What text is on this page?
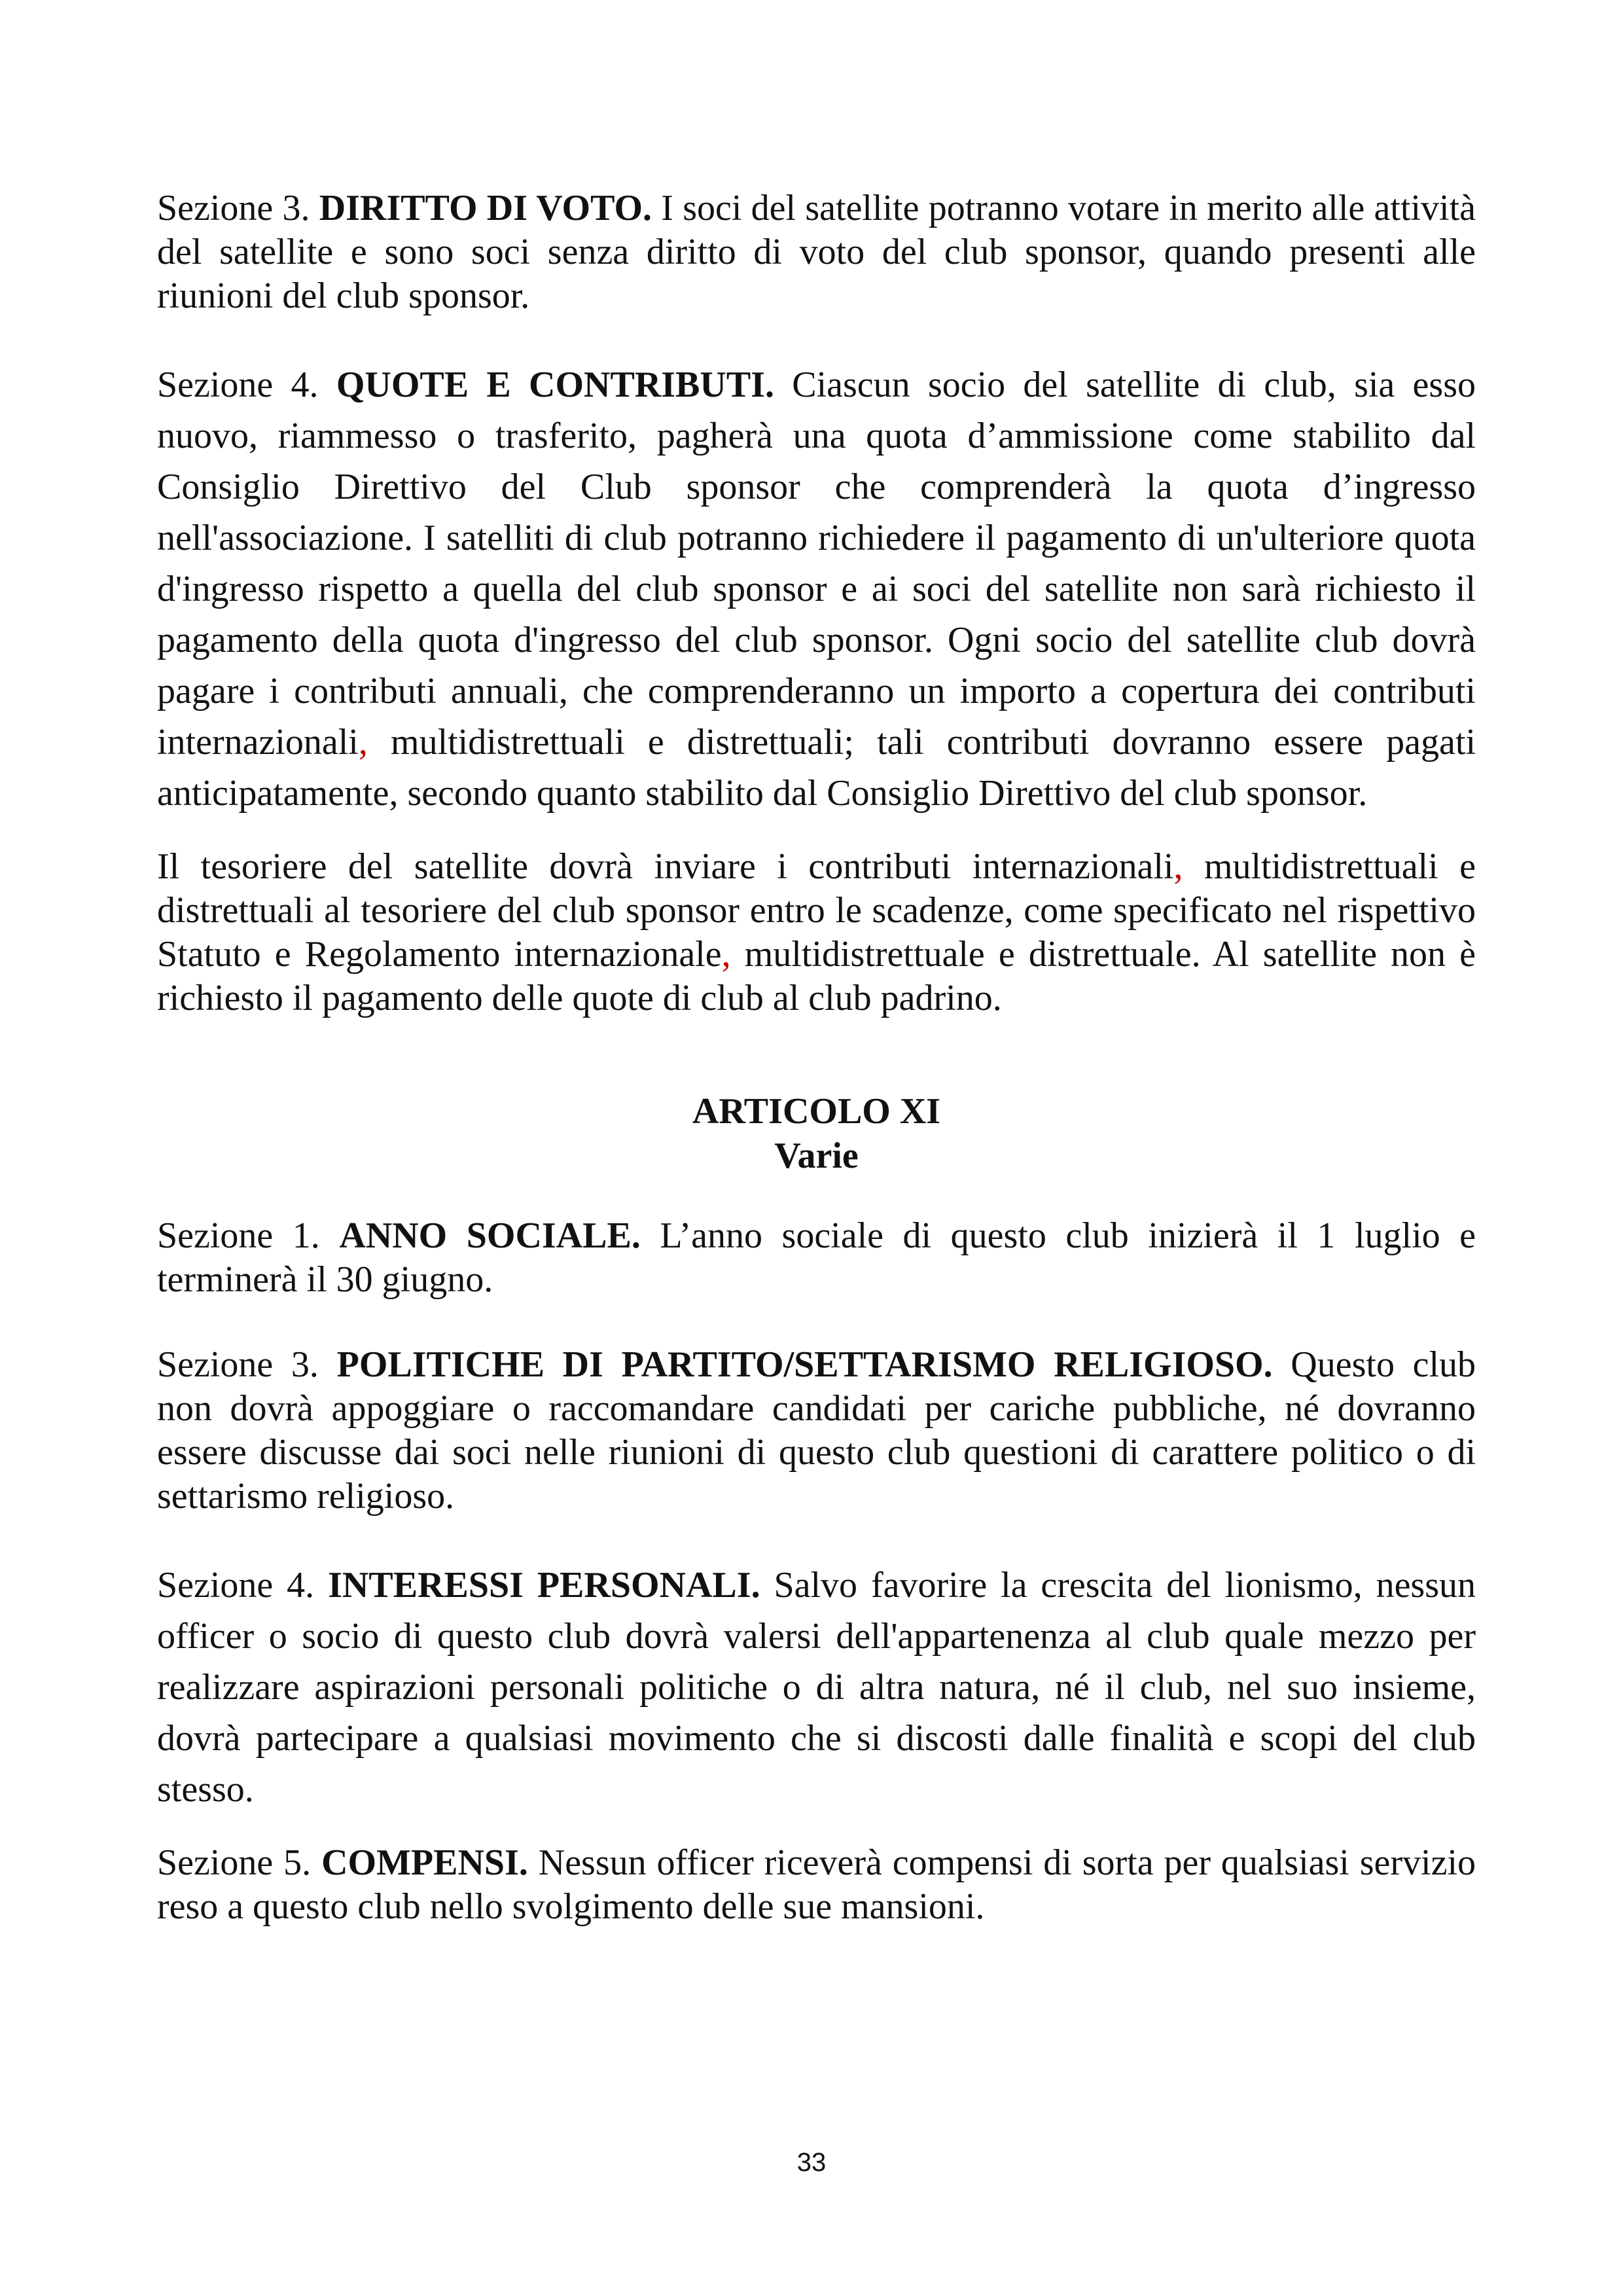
Sezione 3. DIRITTO DI VOTO. I soci del satellite potranno votare in merito alle attività del satellite e sono soci senza diritto di voto del club sponsor, quando presenti alle riunioni del club sponsor.

Sezione 4. QUOTE E CONTRIBUTI. Ciascun socio del satellite di club, sia esso nuovo, riammesso o trasferito, pagherà una quota d’ammissione come stabilito dal Consiglio Direttivo del Club sponsor che comprenderà la quota d’ingresso nell'associazione. I satelliti di club potranno richiedere il pagamento di un'ulteriore quota d'ingresso rispetto a quella del club sponsor e ai soci del satellite non sarà richiesto il pagamento della quota d'ingresso del club sponsor. Ogni socio del satellite club dovrà pagare i contributi annuali, che comprenderanno un importo a copertura dei contributi internazionali, multidistrettuali e distrettuali; tali contributi dovranno essere pagati anticipatamente, secondo quanto stabilito dal Consiglio Direttivo del club sponsor.

Il tesoriere del satellite dovrà inviare i contributi internazionali, multidistrettuali e distrettuali al tesoriere del club sponsor entro le scadenze, come specificato nel rispettivo Statuto e Regolamento internazionale, multidistrettuale e distrettuale. Al satellite non è richiesto il pagamento delle quote di club al club padrino.

ARTICOLO XI
Varie

Sezione 1. ANNO SOCIALE. L’anno sociale di questo club inizierà il 1 luglio e terminerà il 30 giugno.

Sezione 3. POLITICHE DI PARTITO/SETTARISMO RELIGIOSO. Questo club non dovrà appoggiare o raccomandare candidati per cariche pubbliche, né dovranno essere discusse dai soci nelle riunioni di questo club questioni di carattere politico o di settarismo religioso.

Sezione 4. INTERESSI PERSONALI. Salvo favorire la crescita del lionismo, nessun officer o socio di questo club dovrà valersi dell'appartenenza al club quale mezzo per realizzare aspirazioni personali politiche o di altra natura, né il club, nel suo insieme, dovrà partecipare a qualsiasi movimento che si discosti dalle finalità e scopi del club stesso.

Sezione 5. COMPENSI. Nessun officer riceverà compensi di sorta per qualsiasi servizio reso a questo club nello svolgimento delle sue mansioni.

33
